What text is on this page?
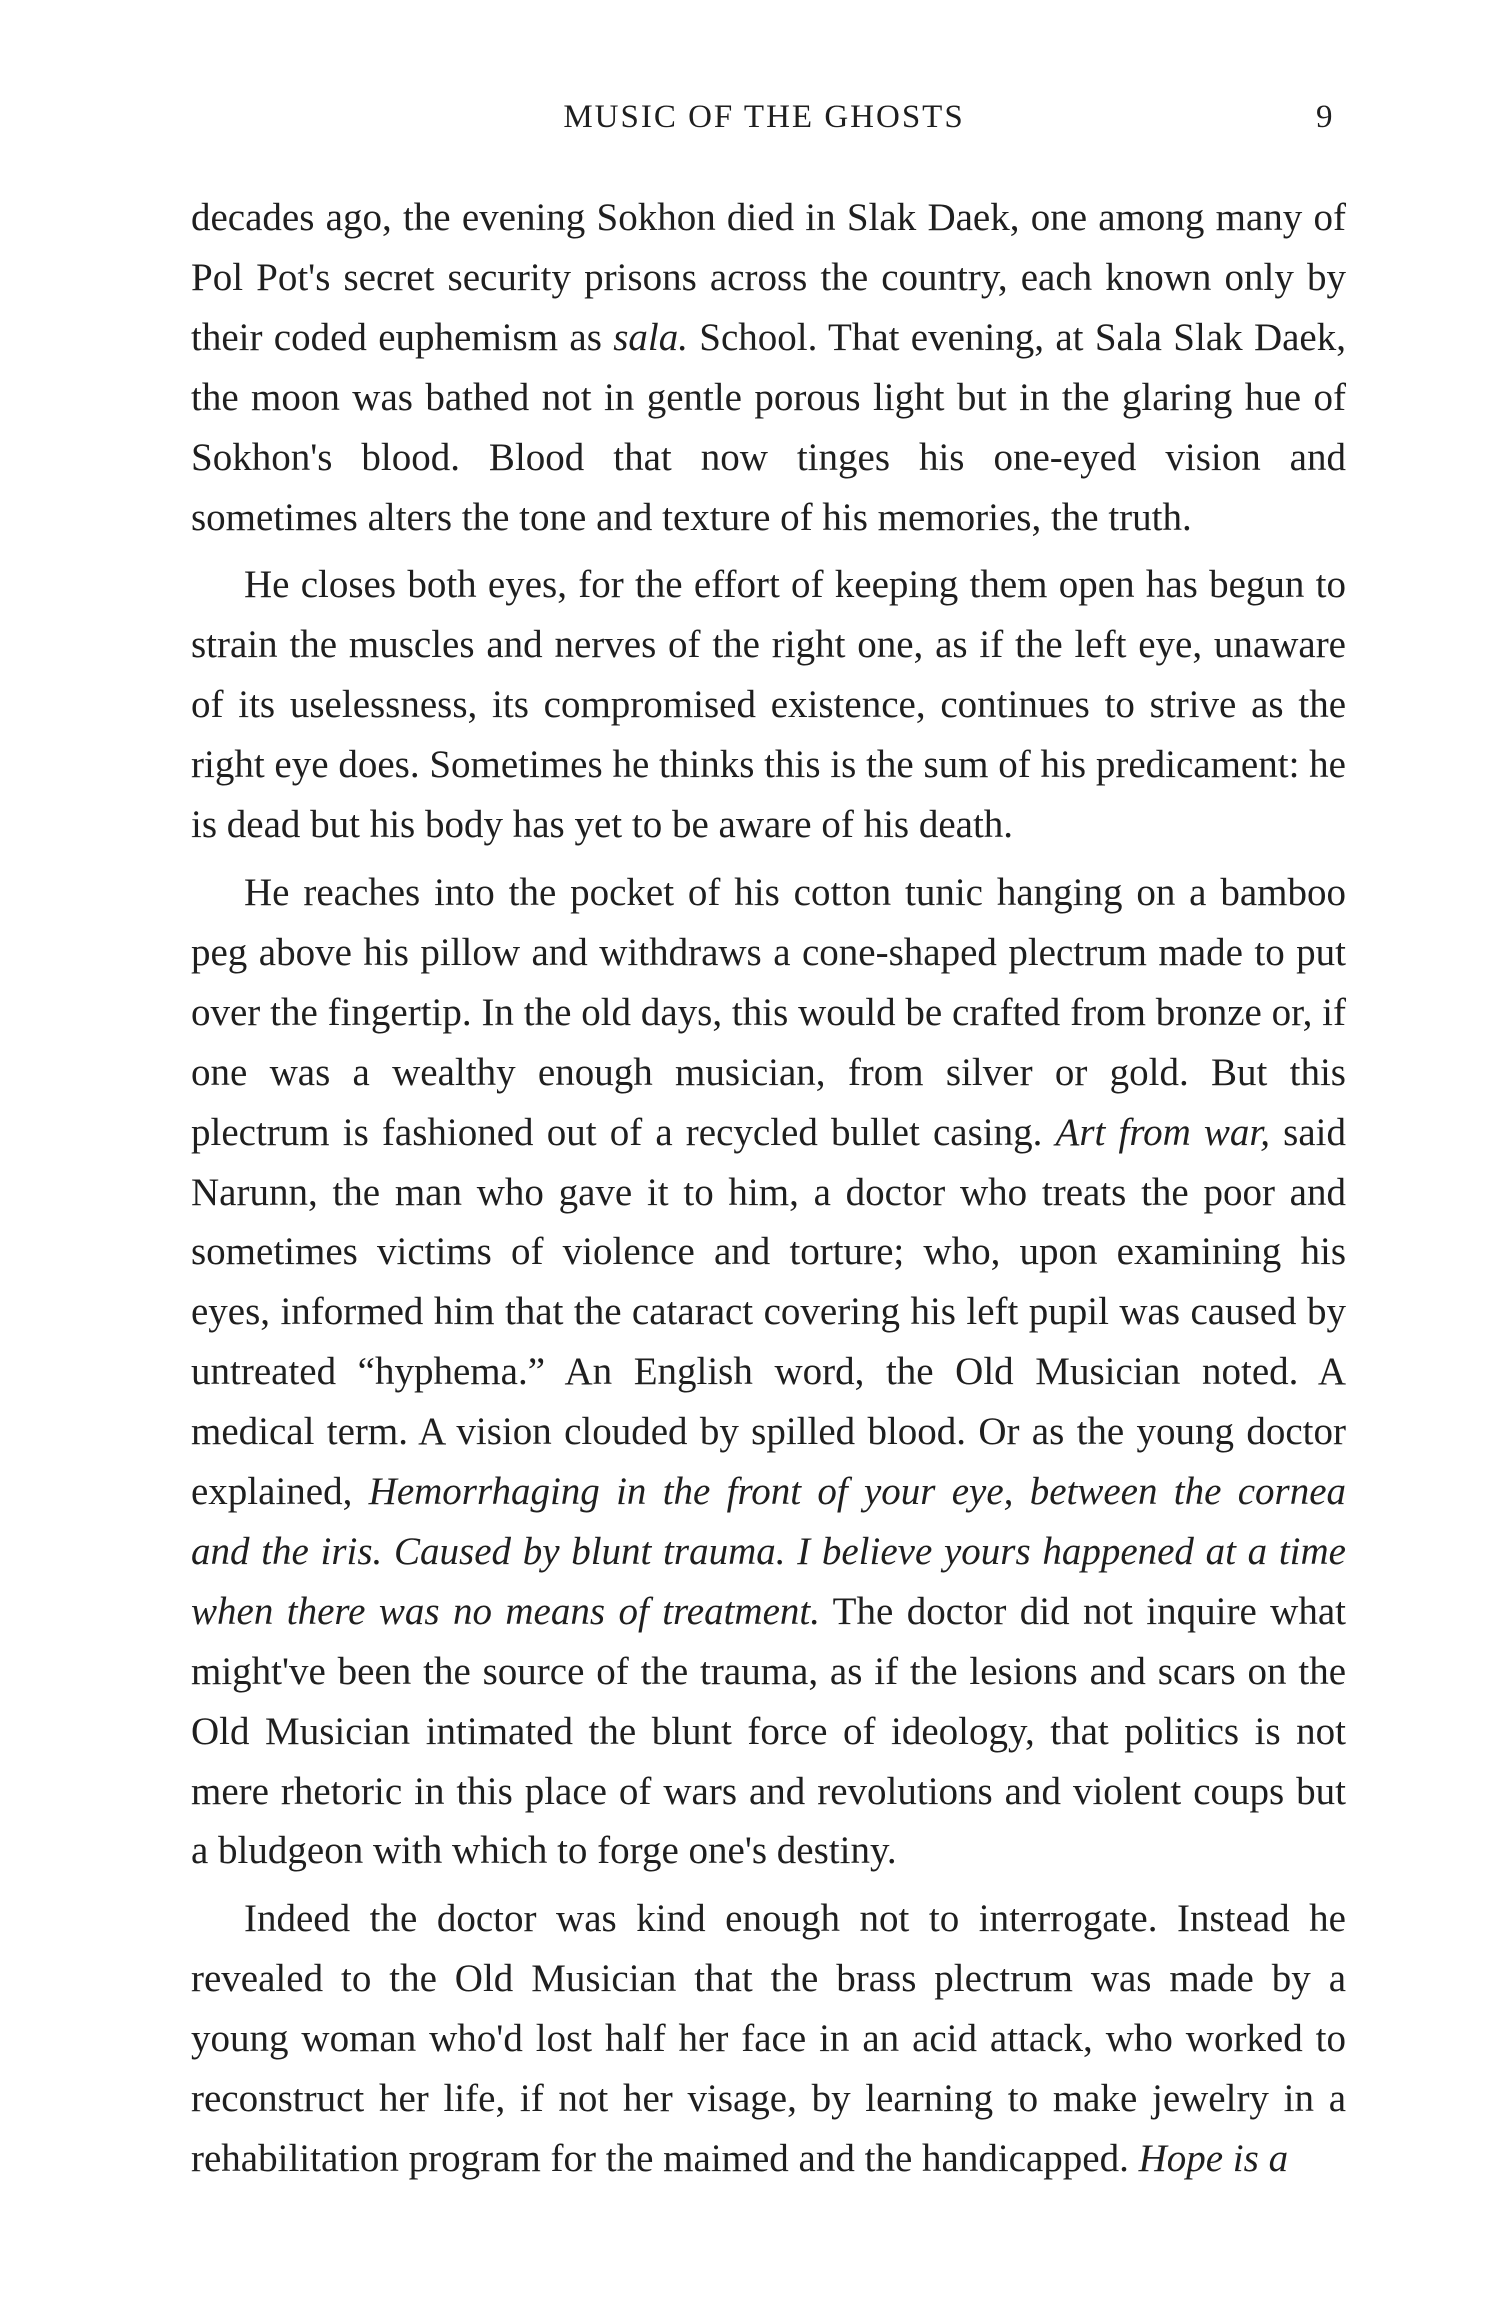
MUSIC OF THE GHOSTS	9

decades ago, the evening Sokhon died in Slak Daek, one among many of Pol Pot's secret security prisons across the country, each known only by their coded euphemism as sala. School. That evening, at Sala Slak Daek, the moon was bathed not in gentle porous light but in the glaring hue of Sokhon's blood. Blood that now tinges his one-eyed vision and sometimes alters the tone and texture of his memories, the truth.

He closes both eyes, for the effort of keeping them open has begun to strain the muscles and nerves of the right one, as if the left eye, unaware of its uselessness, its compromised existence, continues to strive as the right eye does. Sometimes he thinks this is the sum of his predicament: he is dead but his body has yet to be aware of his death.

He reaches into the pocket of his cotton tunic hanging on a bamboo peg above his pillow and withdraws a cone-shaped plectrum made to put over the fingertip. In the old days, this would be crafted from bronze or, if one was a wealthy enough musician, from silver or gold. But this plectrum is fashioned out of a recycled bullet casing. Art from war, said Narunn, the man who gave it to him, a doctor who treats the poor and sometimes victims of violence and torture; who, upon examining his eyes, informed him that the cataract covering his left pupil was caused by untreated “hyphema.” An English word, the Old Musician noted. A medical term. A vision clouded by spilled blood. Or as the young doctor explained, Hemorrhaging in the front of your eye, between the cornea and the iris. Caused by blunt trauma. I believe yours happened at a time when there was no means of treatment. The doctor did not inquire what might've been the source of the trauma, as if the lesions and scars on the Old Musician intimated the blunt force of ideology, that politics is not mere rhetoric in this place of wars and revolutions and violent coups but a bludgeon with which to forge one's destiny.

Indeed the doctor was kind enough not to interrogate. Instead he revealed to the Old Musician that the brass plectrum was made by a young woman who'd lost half her face in an acid attack, who worked to reconstruct her life, if not her visage, by learning to make jewelry in a rehabilitation program for the maimed and the handicapped. Hope is a
